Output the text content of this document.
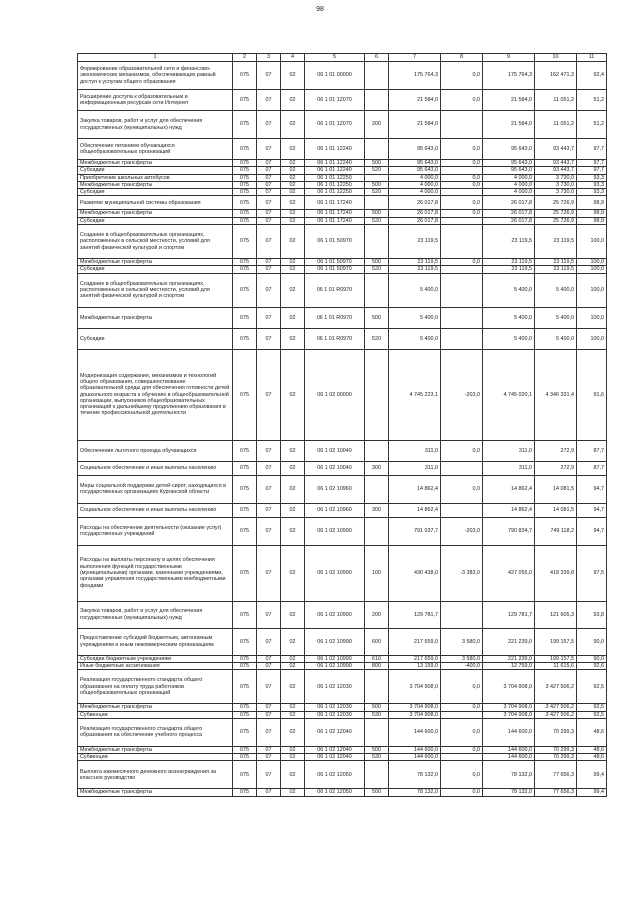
98
1	2	3	4	5	6	7	8	9	10	11
Формирование образовательной сети и финансово-экономических механизмов, обеспечивающих равный доступ к услугам общего образования	075	07	02	06 1 01 00000		175 764,3	0,0	175 764,3	162 471,3	92,4
Расширение доступа к образовательным и информационным ресурсам сети Интернет	075	07	02	06 1 01 12070		21 584,0	0,0	21 584,0	11 051,2	51,2
Закупка товаров, работ и услуг для обеспечения государственных (муниципальных) нужд	075	07	02	06 1 01 12070	200	21 584,0		21 584,0	11 051,2	51,2
Обеспечение питанием обучающихся общеобразовательных организаций	075	07	02	06 1 01 12240		95 643,0	0,0	95 643,0	93 443,7	97,7
Межбюджетные трансферты	075	07	02	06 1 01 12240	500	95 643,0	0,0	95 643,0	93 443,7	97,7
Субсидии	075	07	02	06 1 01 12240	520	95 643,0		95 643,0	93 443,7	97,7
Приобретение школьных автобусов	075	07	02	06 1 01 12250		4 000,0	0,0	4 000,0	3 730,0	93,3
Межбюджетные трансферты	075	07	02	06 1 01 12250	500	4 000,0	0,0	4 000,0	3 730,0	93,3
Субсидии	075	07	02	06 1 01 12250	520	4 000,0		4 000,0	3 730,0	93,3
Развитие муниципальной системы образования	075	07	02	06 1 01 17240		26 017,8	0,0	26 017,8	25 726,9	98,9
Межбюджетные трансферты	075	07	02	06 1 01 17240	500	26 017,8	0,0	26 017,8	25 726,9	98,9
Субсидии	075	07	02	06 1 01 17240	520	26 017,8		26 017,8	25 726,9	98,9
Создание в общеобразовательных организациях, расположенных в сельской местности, условий для занятий физической культурой и спортом	075	07	02	06 1 01 50970		23 119,5		23 119,5	23 119,5	100,0
Межбюджетные трансферты	075	07	02	06 1 01 50970	500	23 119,5	0,0	23 119,5	23 119,5	100,0
Субсидии	075	07	02	06 1 01 50970	520	23 119,5		23 119,5	23 119,5	100,0
Создание в общеобразовательных организациях, расположенных в сельской местности, условий для занятий физической культурой и спортом	075	07	02	06 1 01 R0970		5 400,0		5 400,0	5 400,0	100,0
Межбюджетные трансферты	075	07	02	06 1 01 R0970	500	5 400,0		5 400,0	5 400,0	100,0
Субсидии	075	07	02	06 1 01 R0970	520	5 400,0		5 400,0	5 400,0	100,0
Модернизация содержания, механизмов и технологий общего образования, совершенствование образовательной среды для обеспечения готовности детей дошкольного возраста к обучению в общеобразовательной организации, выпускников общеобразовательных организаций к дальнейшему продолжению образования в течение профессиональной деятельности	075	07	02	06 1 02 00000		4 745 223,1	-203,0	4 745 020,1	4 346 331,4	91,6
Обеспечение льготного проезда обучающихся	075	07	02	06 1 02 10040		311,0	0,0	311,0	272,9	87,7
Социальное обеспечение и иные выплаты населению	075	07	02	06 1 02 10040	300	311,0		311,0	272,9	87,7
Меры социальной поддержки детей-сирот, находящихся в государственных организациях Курганской области	075	07	02	06 1 02 10960		14 862,4	0,0	14 862,4	14 081,5	94,7
Социальное обеспечение и иные выплаты населению	075	07	02	06 1 02 10960	300	14 862,4		14 862,4	14 081,5	94,7
Расходы на обеспечение деятельности (оказание услуг) государственных учреждений	075	07	02	06 1 02 10990		791 037,7	-203,0	790 834,7	749 118,2	94,7
Расходы на выплаты персоналу в целях обеспечения выполнения функций государственными (муниципальными) органами, казенными учреждениями, органами управления государственными внебюджетными фондами	075	07	02	06 1 02 10990	100	430 438,0	-3 383,0	427 055,0	418 339,8	97,5
Закупка товаров, работ и услуг для обеспечения государственных (муниципальных) нужд	075	07	02	06 1 02 10990	200	129 781,7		129 781,7	121 605,3	93,8
Предоставление субсидий бюджетным, автономным учреждениям и иным некоммерческим организациям	075	07	02	06 1 02 10990	600	217 659,0	3 580,0	221 239,0	199 157,5	90,0
Субсидии бюджетным учреждениям	075	07	02	06 1 02 10990	610	217 659,0	3 580,0	221 239,0	199 157,5	90,0
Иные бюджетные ассигнования	075	07	02	06 1 02 10990	800	13 159,0	-400,0	12 759,0	11 615,6	92,6
Реализация государственного стандарта общего образования на оплату труда работников общеобразовательных организаций	075	07	02	06 1 02 12030		3 704 908,0	0,0	3 704 908,0	3 427 506,2	92,5
Межбюджетные трансферты	075	07	02	06 1 02 12030	500	3 704 908,0	0,0	3 704 908,0	3 427 506,2	92,5
Субвенции	075	07	02	06 1 02 12030	530	3 704 908,0		3 704 908,0	3 427 506,2	92,5
Реализация государственного стандарта общего образования на обеспечение учебного процесса	075	07	02	06 1 02 12040		144 600,0	0,0	144 600,0	70 299,3	48,6
Межбюджетные трансферты	075	07	02	06 1 02 12040	500	144 600,0	0,0	144 600,0	70 299,3	48,6
Субвенции	075	07	02	06 1 02 12040	530	144 600,0		144 600,0	70 299,3	48,6
Выплата ежемесячного денежного вознаграждения за классное руководство	075	07	02	06 1 02 12050		78 132,0	0,0	78 132,0	77 656,3	99,4
Межбюджетные трансферты	075	07	02	06 1 02 12050	500	78 132,0	0,0	78 132,0	77 656,3	99,4
